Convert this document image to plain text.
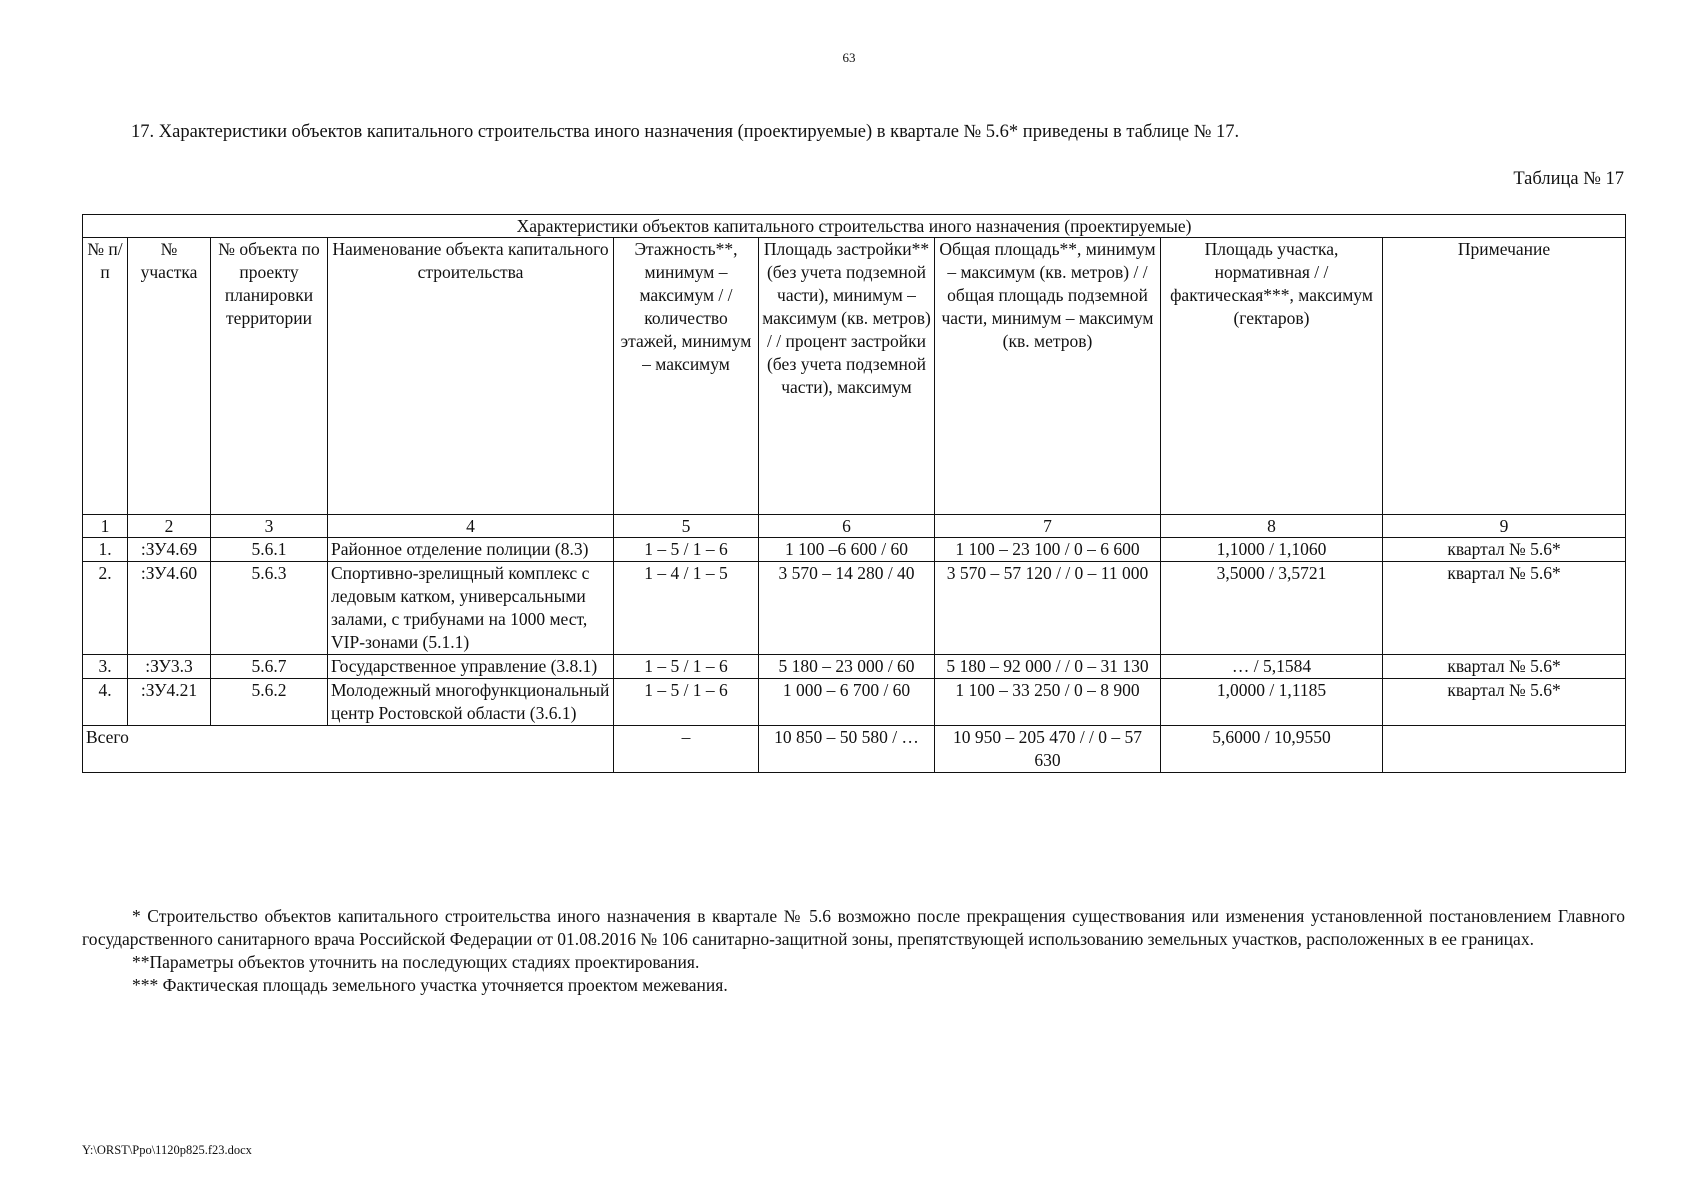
63
17. Характеристики объектов капитального строительства иного назначения (проектируемые) в квартале № 5.6* приведены в таблице № 17.
Таблица № 17
Характеристики объектов капитального строительства иного назначения (проектируемые)								
№ п/п	№ участка	№ объекта по проекту планировки территории	Наименование объекта капитального строительства	Этажность**, минимум – максимум / / количество этажей, минимум – максимум	Площадь застройки** (без учета подземной части), минимум – максимум (кв. метров) / / процент застройки (без учета подземной части), максимум	Общая площадь**, минимум – максимум (кв. метров) / / общая площадь подземной части, минимум – максимум (кв. метров)	Площадь участка, нормативная / / фактическая***, максимум (гектаров)	Примечание
1	2	3	4	5	6	7	8	9
1.	:ЗУ4.69	5.6.1	Районное отделение полиции (8.3)	1 – 5 / 1 – 6	1 100 –6 600 / 60	1 100 – 23 100 / 0 – 6 600	1,1000 / 1,1060	квартал № 5.6*
2.	:ЗУ4.60	5.6.3	Спортивно-зрелищный комплекс с ледовым катком, универсальными залами, с трибунами на 1000 мест, VIP-зонами (5.1.1)	1 – 4 / 1 – 5	3 570 – 14 280 / 40	3 570 – 57 120 / / 0 – 11 000	3,5000 / 3,5721	квартал № 5.6*
3.	:ЗУ3.3	5.6.7	Государственное управление (3.8.1)	1 – 5 / 1 – 6	5 180 – 23 000 / 60	5 180 – 92 000 / / 0 – 31 130	… / 5,1584	квартал № 5.6*
4.	:ЗУ4.21	5.6.2	Молодежный многофункциональный центр Ростовской области (3.6.1)	1 – 5 / 1 – 6	1 000 – 6 700 / 60	1 100 – 33 250 / 0 – 8 900	1,0000 / 1,1185	квартал № 5.6*
Всего				–	10 850 – 50 580 / …	10 950 – 205 470 / / 0 – 57 630	5,6000 / 10,9550	

* Строительство объектов капитального строительства иного назначения в квартале № 5.6 возможно после прекращения существования или изменения установленной постановлением Главного государственного санитарного врача Российской Федерации от 01.08.2016 № 106 санитарно-защитной зоны, препятствующей использованию земельных участков, расположенных в ее границах.

**Параметры объектов уточнить на последующих стадиях проектирования.

*** Фактическая площадь земельного участка уточняется проектом межевания.

Y:\ORST\Ppo\1120p825.f23.docx
